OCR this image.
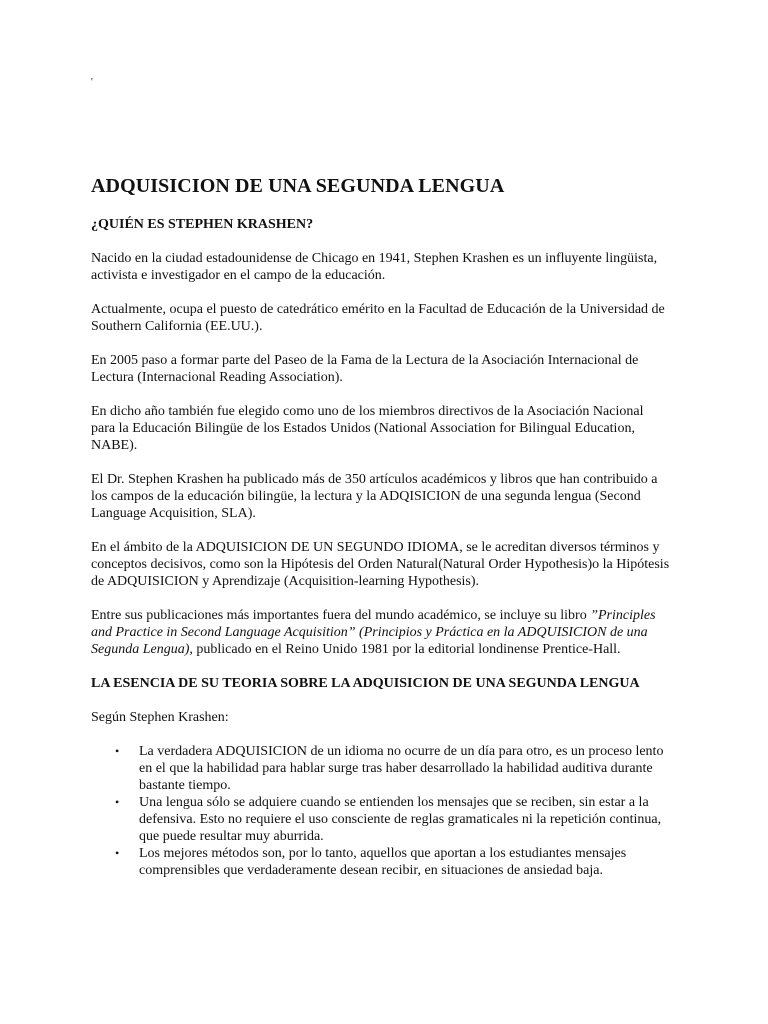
'
ADQUISICION DE UNA SEGUNDA LENGUA
¿QUIÉN ES STEPHEN KRASHEN?

Nacido en la ciudad estadounidense de Chicago en 1941, Stephen Krashen es un influyente lingüista, activista e investigador en el campo de la educación.

Actualmente, ocupa el puesto de catedrático emérito en la Facultad de Educación de la Universidad de Southern California (EE.UU.).

En 2005 paso a formar parte del Paseo de la Fama de la Lectura de la Asociación Internacional de Lectura (Internacional Reading Association).

En dicho año también fue elegido como uno de los miembros directivos de la Asociación Nacional para la Educación Bilingüe de los Estados Unidos (National Association for Bilingual Education, NABE).

El Dr. Stephen Krashen ha publicado más de 350 artículos académicos y libros que han contribuido a los campos de la educación bilingüe, la lectura y la ADQISICION de una segunda lengua (Second Language Acquisition, SLA).

En el ámbito de la ADQUISICION DE UN SEGUNDO IDIOMA, se le acreditan diversos términos y conceptos decisivos, como son la Hipótesis del Orden Natural(Natural Order Hypothesis)o la Hipótesis de ADQUISICION y Aprendizaje (Acquisition-learning Hypothesis).

Entre sus publicaciones más importantes fuera del mundo académico, se incluye su libro ”Principles and Practice in Second Language Acquisition” (Principios y Práctica en la ADQUISICION de una Segunda Lengua), publicado en el Reino Unido 1981 por la editorial londinense Prentice-Hall.

LA ESENCIA DE SU TEORIA SOBRE LA ADQUISICION DE UNA SEGUNDA LENGUA

Según Stephen Krashen:

• La verdadera ADQUISICION de un idioma no ocurre de un día para otro, es un proceso lento en el que la habilidad para hablar surge tras haber desarrollado la habilidad auditiva durante bastante tiempo.
• Una lengua sólo se adquiere cuando se entienden los mensajes que se reciben, sin estar a la defensiva. Esto no requiere el uso consciente de reglas gramaticales ni la repetición continua, que puede resultar muy aburrida.
• Los mejores métodos son, por lo tanto, aquellos que aportan a los estudiantes mensajes comprensibles que verdaderamente desean recibir, en situaciones de ansiedad baja.
